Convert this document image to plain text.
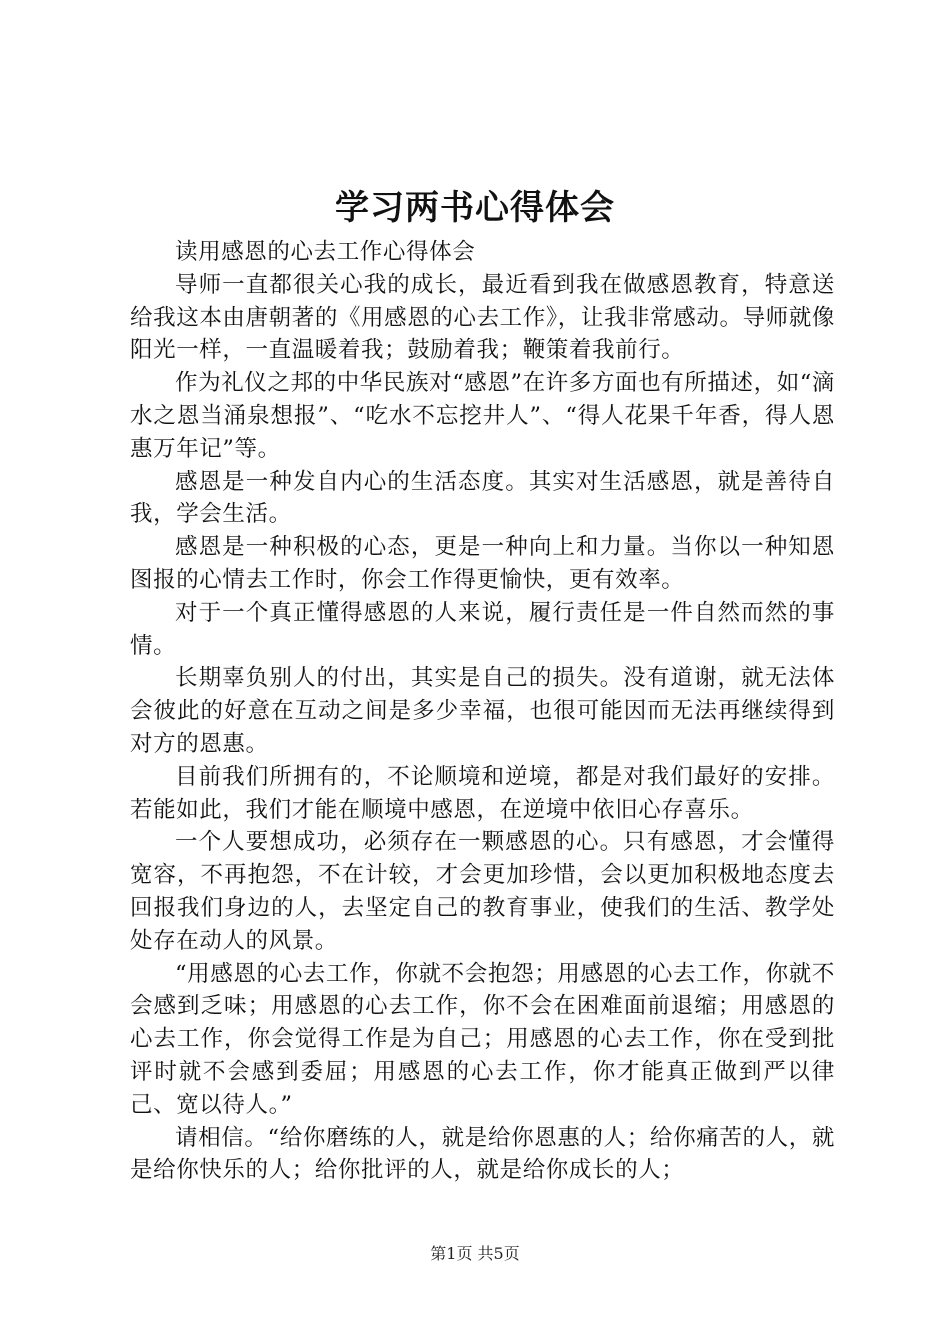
学习两书心得体会

读用感恩的心去工作心得体会

导师一直都很关心我的成长，最近看到我在做感恩教育，特意送给我这本由唐朝著的《用感恩的心去工作》，让我非常感动。导师就像阳光一样，一直温暖着我；鼓励着我；鞭策着我前行。

作为礼仪之邦的中华民族对“感恩”在许多方面也有所描述，如“滴水之恩当涌泉想报”、“吃水不忘挖井人”、“得人花果千年香，得人恩惠万年记”等。

感恩是一种发自内心的生活态度。其实对生活感恩，就是善待自我，学会生活。

感恩是一种积极的心态，更是一种向上和力量。当你以一种知恩图报的心情去工作时，你会工作得更愉快，更有效率。

对于一个真正懂得感恩的人来说，履行责任是一件自然而然的事情。

长期辜负别人的付出，其实是自己的损失。没有道谢，就无法体会彼此的好意在互动之间是多少幸福，也很可能因而无法再继续得到对方的恩惠。

目前我们所拥有的，不论顺境和逆境，都是对我们最好的安排。若能如此，我们才能在顺境中感恩，在逆境中依旧心存喜乐。

一个人要想成功，必须存在一颗感恩的心。只有感恩，才会懂得宽容，不再抱怨，不在计较，才会更加珍惜，会以更加积极地态度去回报我们身边的人，去坚定自己的教育事业，使我们的生活、教学处处存在动人的风景。

“用感恩的心去工作，你就不会抱怨；用感恩的心去工作，你就不会感到乏味；用感恩的心去工作，你不会在困难面前退缩；用感恩的心去工作，你会觉得工作是为自己；用感恩的心去工作，你在受到批评时就不会感到委屈；用感恩的心去工作，你才能真正做到严以律己、宽以待人。”

请相信。“给你磨练的人，就是给你恩惠的人；给你痛苦的人，就是给你快乐的人；给你批评的人，就是给你成长的人；

第1页 共5页
